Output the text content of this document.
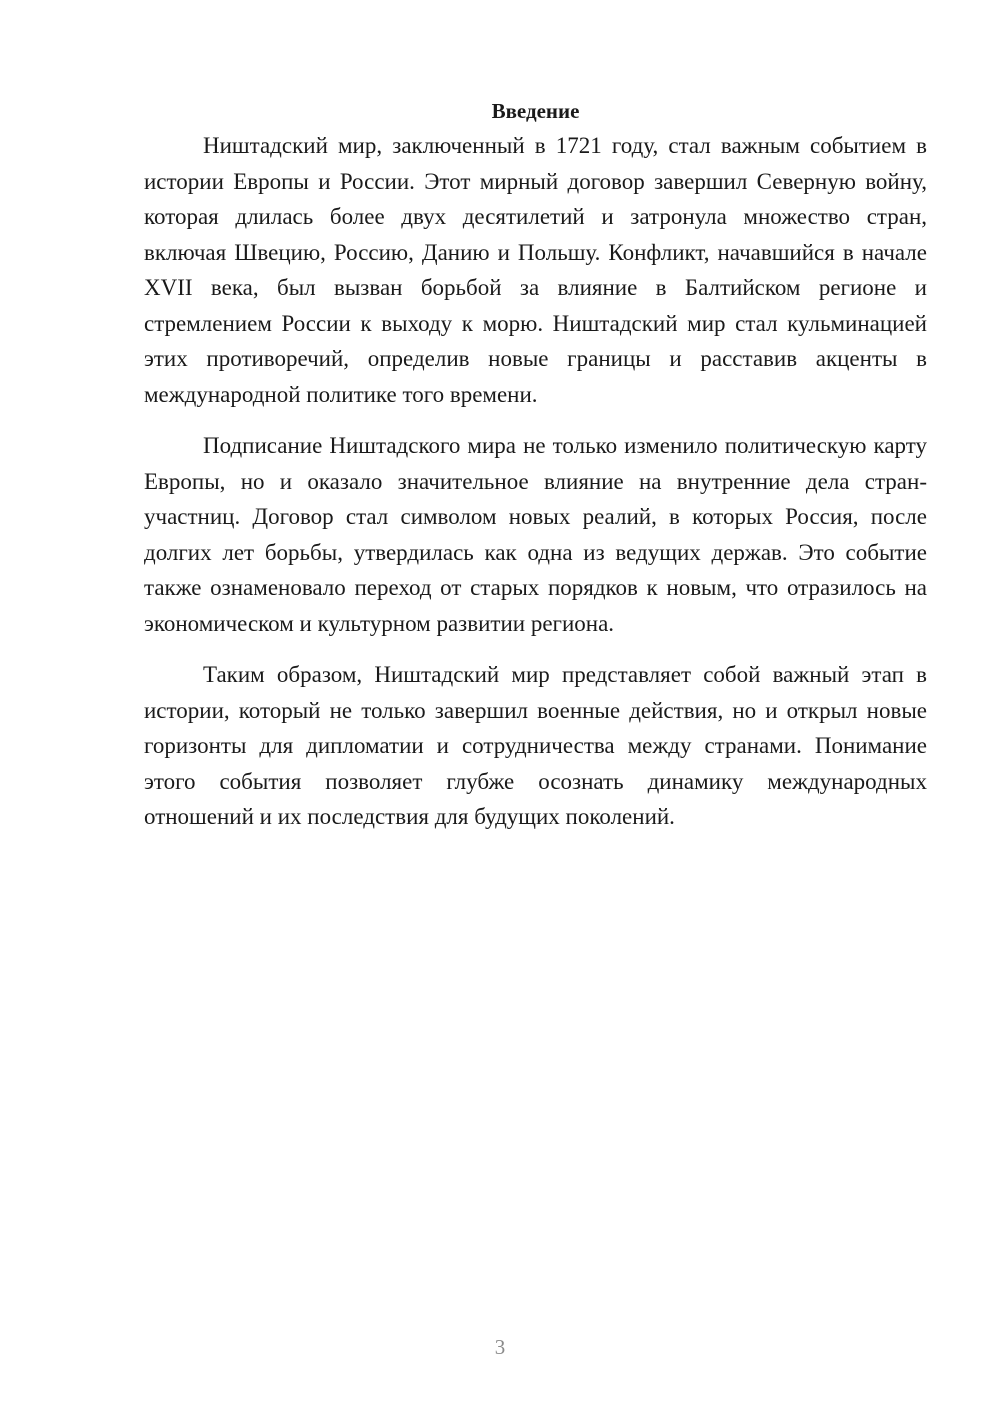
Введение

Ништадский мир, заключенный в 1721 году, стал важным событием в истории Европы и России. Этот мирный договор завершил Северную войну, которая длилась более двух десятилетий и затронула множество стран, включая Швецию, Россию, Данию и Польшу. Конфликт, начавшийся в начале XVII века, был вызван борьбой за влияние в Балтийском регионе и стремлением России к выходу к морю. Ништадский мир стал кульминацией этих противоречий, определив новые границы и расставив акценты в международной политике того времени.

Подписание Ништадского мира не только изменило политическую карту Европы, но и оказало значительное влияние на внутренние дела стран-участниц. Договор стал символом новых реалий, в которых Россия, после долгих лет борьбы, утвердилась как одна из ведущих держав. Это событие также ознаменовало переход от старых порядков к новым, что отразилось на экономическом и культурном развитии региона.

Таким образом, Ништадский мир представляет собой важный этап в истории, который не только завершил военные действия, но и открыл новые горизонты для дипломатии и сотрудничества между странами. Понимание этого события позволяет глубже осознать динамику международных отношений и их последствия для будущих поколений.

3
